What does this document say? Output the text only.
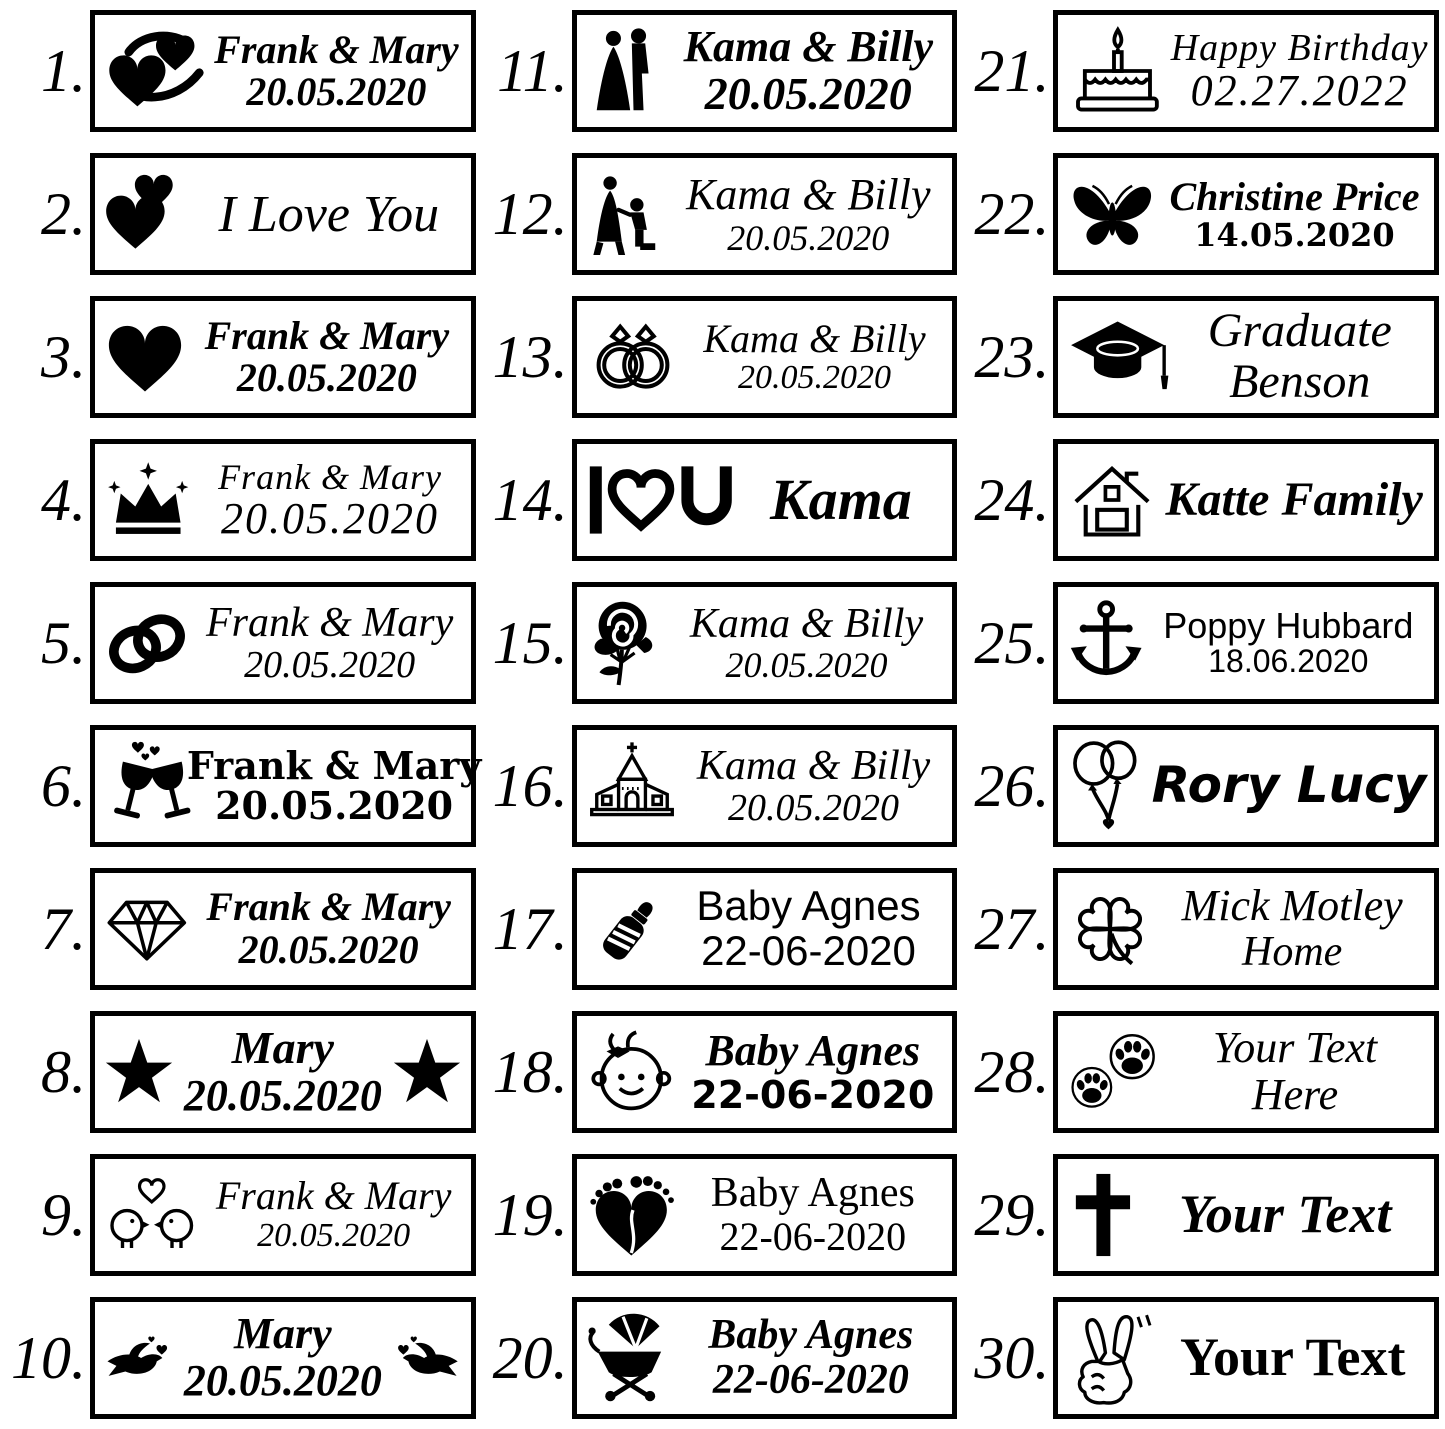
1.	Frank & Mary
20.05.2020
2.	I Love You
3.	Frank & Mary
20.05.2020
4.	Frank & Mary
20.05.2020
5.	Frank & Mary
20.05.2020
6.	Frank & Mary
20.05.2020
7.	Frank & Mary
20.05.2020
8.	Mary
20.05.2020
9.	Frank & Mary
20.05.2020
10.	Mary
20.05.2020
11.	Kama & Billy
20.05.2020
12.	Kama & Billy
20.05.2020
13.	Kama & Billy
20.05.2020
14.	Kama
15.	Kama & Billy
20.05.2020
16.	Kama & Billy
20.05.2020
17.	Baby Agnes
22-06-2020
18.	Baby Agnes
22-06-2020
19.	Baby Agnes
22-06-2020
20.	Baby Agnes
22-06-2020
21.	Happy Birthday
02.27.2022
22.	Christine Price
14.05.2020
23.	Graduate
Benson
24. Katte Family
25.	Poppy Hubbard
18.06.2020
26. Rory Lucy
27.	Mick Motley
Home
28.	Your Text
Here
29. Your Text
30. Your Text
